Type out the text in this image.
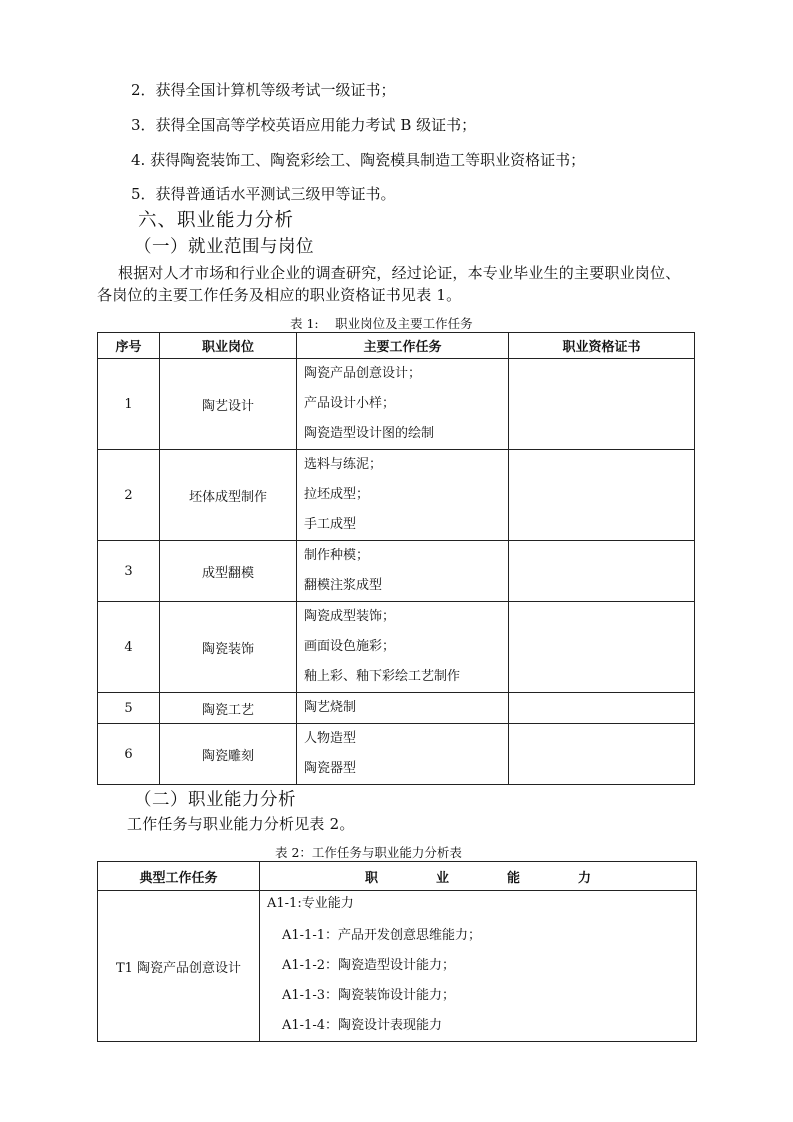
2．获得全国计算机等级考试一级证书；
3．获得全国高等学校英语应用能力考试 B 级证书；
4. 获得陶瓷装饰工、陶瓷彩绘工、陶瓷模具制造工等职业资格证书；
5．获得普通话水平测试三级甲等证书。
六、职业能力分析
（一）就业范围与岗位
根据对人才市场和行业企业的调查研究，经过论证，本专业毕业生的主要职业岗位、
各岗位的主要工作任务及相应的职业资格证书见表 1。
表 1:　 职业岗位及主要工作任务
序号	职业岗位	主要工作任务	职业资格证书
1	陶艺设计	陶瓷产品创意设计；
产品设计小样；
陶瓷造型设计图的绘制	

2	坯体成型制作	选料与练泥；
拉坯成型；
手工成型	

3	成型翻模	制作种模；
翻模注浆成型	

4	陶瓷装饰	陶瓷成型装饰；
画面设色施彩；
釉上彩、釉下彩绘工艺制作	

5	陶瓷工艺	陶艺烧制	

6	陶瓷雕刻	人物造型
陶瓷器型	

（二）职业能力分析
工作任务与职业能力分析见表 2。
表 2：工作任务与职业能力分析表
典型工作任务	职业能力
T1 陶瓷产品创意设计	A1-1:专业能力
A1-1-1：产品开发创意思维能力；
A1-1-2：陶瓷造型设计能力；
A1-1-3：陶瓷装饰设计能力；
A1-1-4：陶瓷设计表现能力
